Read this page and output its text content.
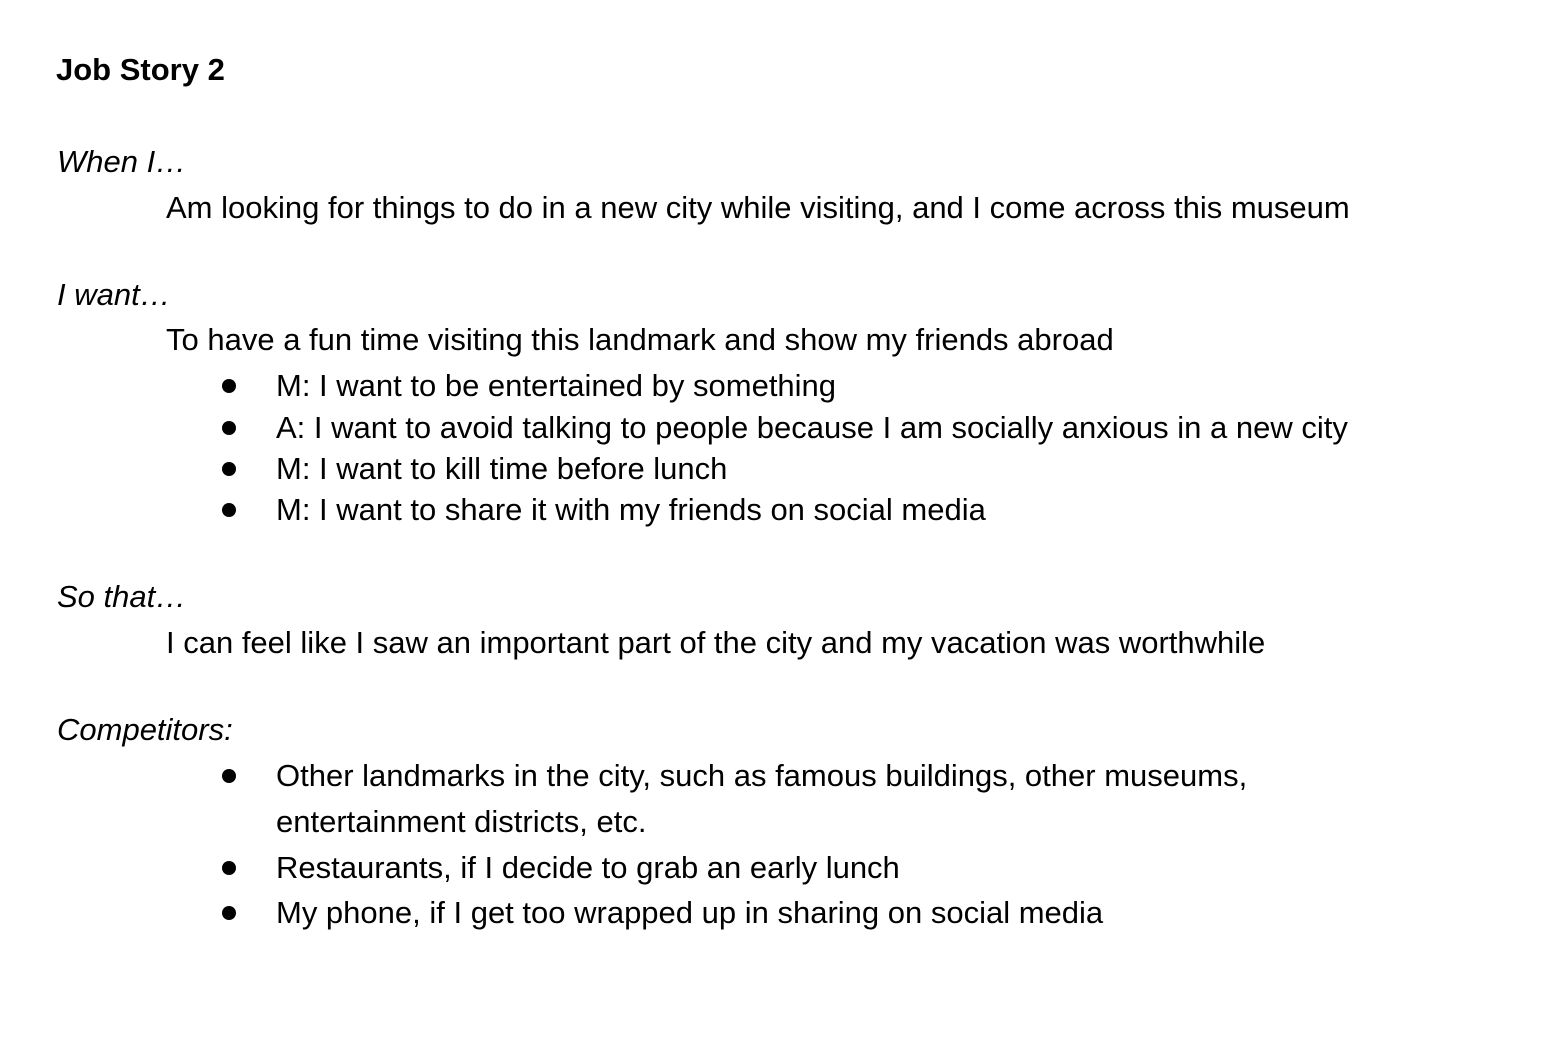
Job Story 2
When I…
Am looking for things to do in a new city while visiting, and I come across this museum
I want…
To have a fun time visiting this landmark and show my friends abroad
M: I want to be entertained by something
A: I want to avoid talking to people because I am socially anxious in a new city
M: I want to kill time before lunch
M: I want to share it with my friends on social media
So that…
I can feel like I saw an important part of the city and my vacation was worthwhile
Competitors:
Other landmarks in the city, such as famous buildings, other museums,
entertainment districts, etc.
Restaurants, if I decide to grab an early lunch
My phone, if I get too wrapped up in sharing on social media
